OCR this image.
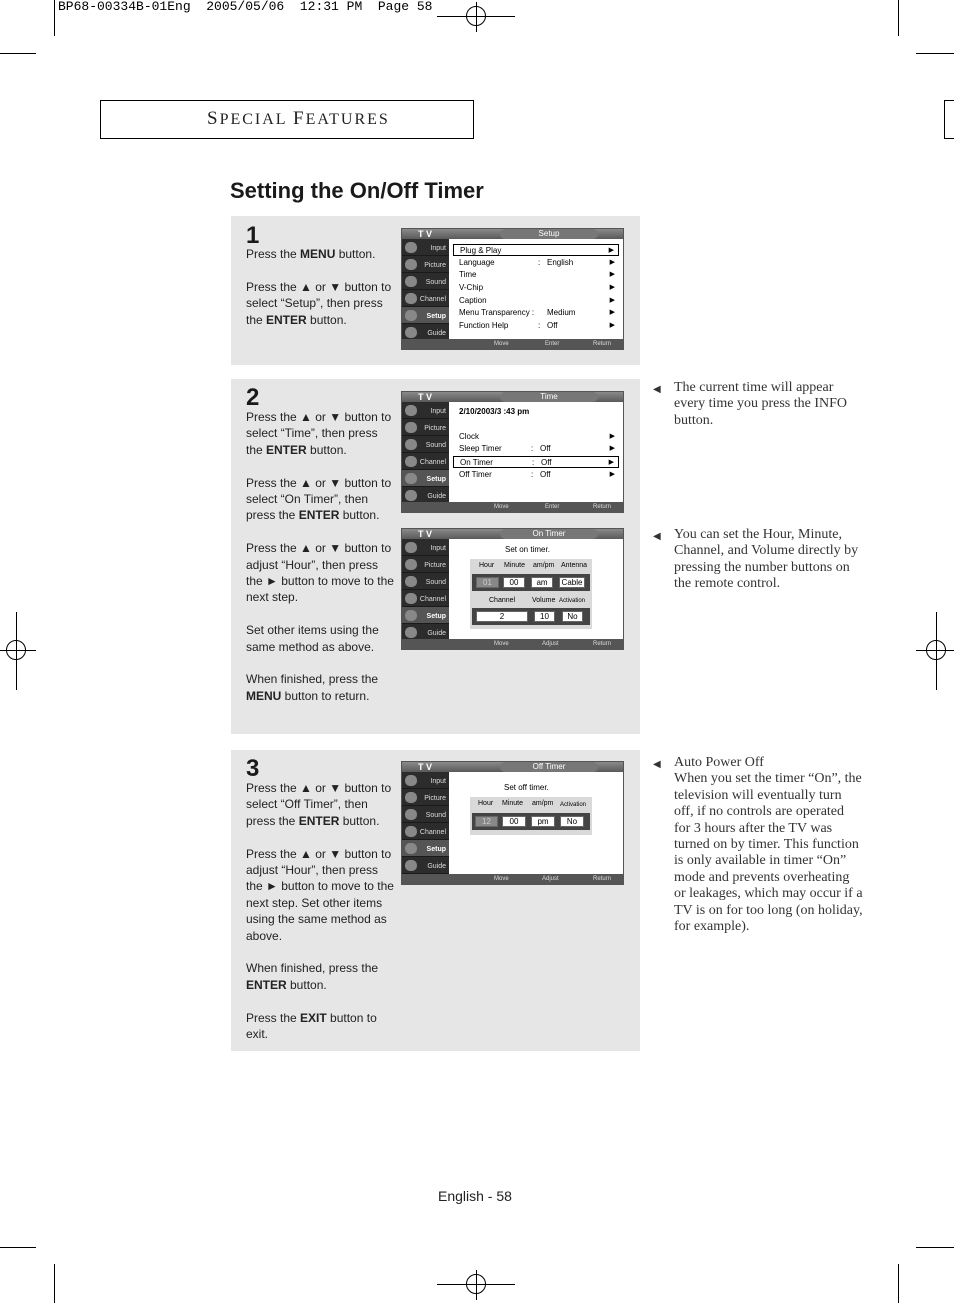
BP68-00334B-01Eng  2005/05/06  12:31 PM  Page 58
SPECIAL FEATURES
Setting the On/Off Timer
1

Press the MENU button.

Press the ▲ or ▼ button to select “Setup”, then press the ENTER button.

2

Press the ▲ or ▼ button to select “Time”, then press the ENTER button.

Press the ▲ or ▼ button to select “On Timer”, then press the ENTER button.

Press the ▲ or ▼ button to adjust “Hour”, then press the ► button to move to the next step.

Set other items using the same method as above.

When finished, press the MENU button to return.

3

Press the ▲ or ▼ button to select “Off Timer”, then press the ENTER button.

Press the ▲ or ▼ button to adjust “Hour”, then press the ► button to move to the next step. Set other items using the same method as above.

When finished, press the ENTER button.

Press the EXIT button to exit.

T V	Setup
Input
Picture
Sound
Channel
Setup
Guide
Plug & Play	▶
Language	: English	▶
Time	▶
V-Chip	▶
Caption	▶
Menu Transparency : Medium	▶
Function Help	: Off	▶
Move	Enter	Return
T V	Time
Input
Picture
Sound
Channel
Setup
Guide
2/10/2003/3 :43 pm
Clock	▶
Sleep Timer	: Off	▶
On Timer	: Off	▶
Off Timer	: Off	▶
Move	Enter	Return
T V	On Timer
Input
Picture
Sound
Channel
Setup
Guide
Set on timer.
Hour Minute am/pm Antenna
01	00	am	Cable
Channel Volume Activation
2	10	No
Move	Adjust	Return
T V	Off Timer
Input
Picture
Sound
Channel
Setup
Guide
Set off timer.
Hour Minute am/pm Activation
12	00	pm	No
Move	Adjust	Return
◀ The current time will appear every time you press the INFO button.
◀ You can set the Hour, Minute, Channel, and Volume directly by pressing the number buttons on the remote control.
◀ Auto Power Off
When you set the timer “On”, the television will eventually turn off, if no controls are operated for 3 hours after the TV was turned on by timer. This function is only available in timer “On” mode and prevents overheating or leakages, which may occur if a TV is on for too long (on holiday, for example).
English - 58
